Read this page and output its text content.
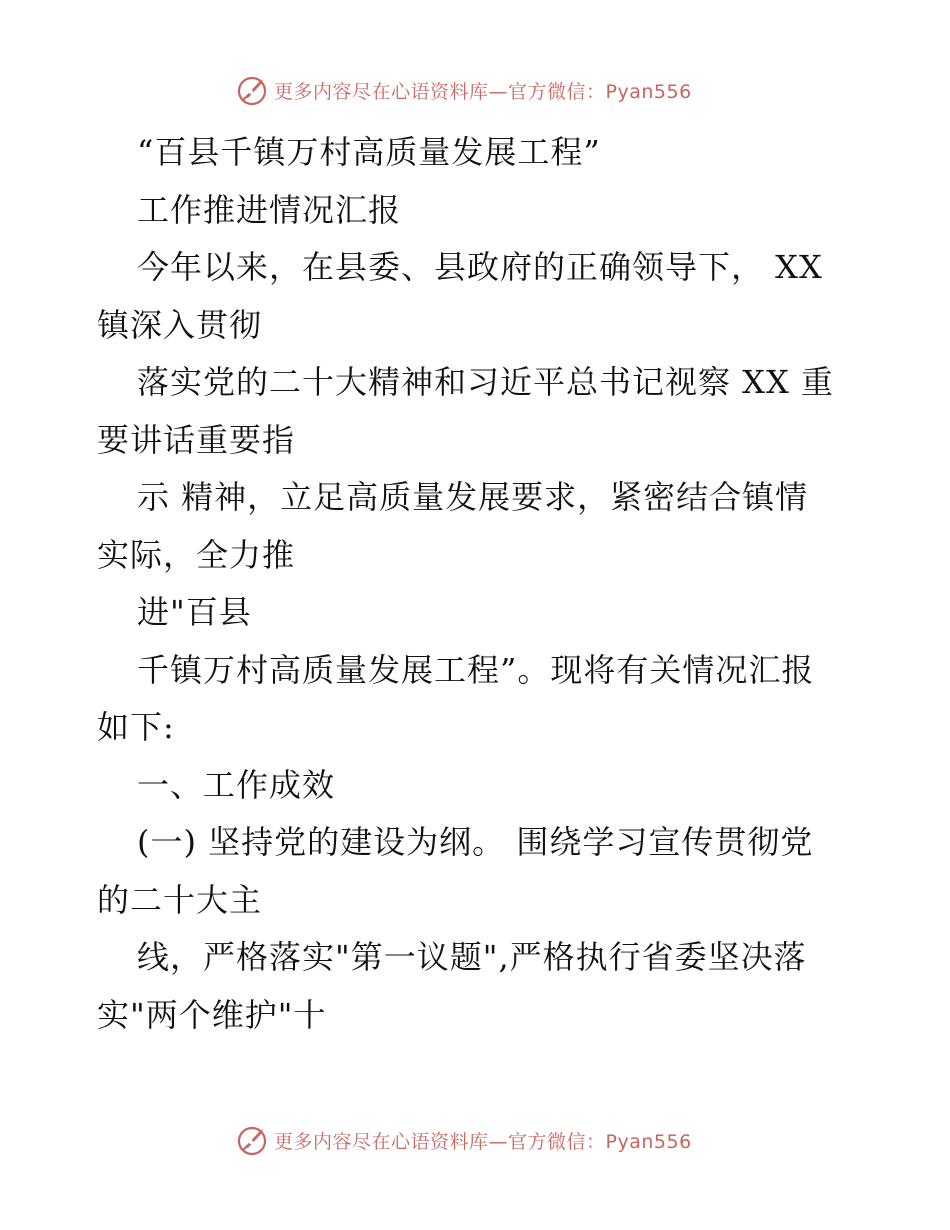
更多内容尽在心语资料库—官方微信：Pyan556
“百县千镇万村高质量发展工程”
工作推进情况汇报
今年以来，在县委、县政府的正确领导下， XX
镇深入贯彻
落实党的二十大精神和习近平总书记视察 XX 重
要讲话重要指
示 精神，立足高质量发展要求，紧密结合镇情
实际，全力推
进"百县
千镇万村高质量发展工程”。现将有关情况汇报
如下:
一、工作成效
(一) 坚持党的建设为纲。 围绕学习宣传贯彻党
的二十大主
线，严格落实"第一议题",严格执行省委坚决落
实"两个维护"十
更多内容尽在心语资料库—官方微信：Pyan556
